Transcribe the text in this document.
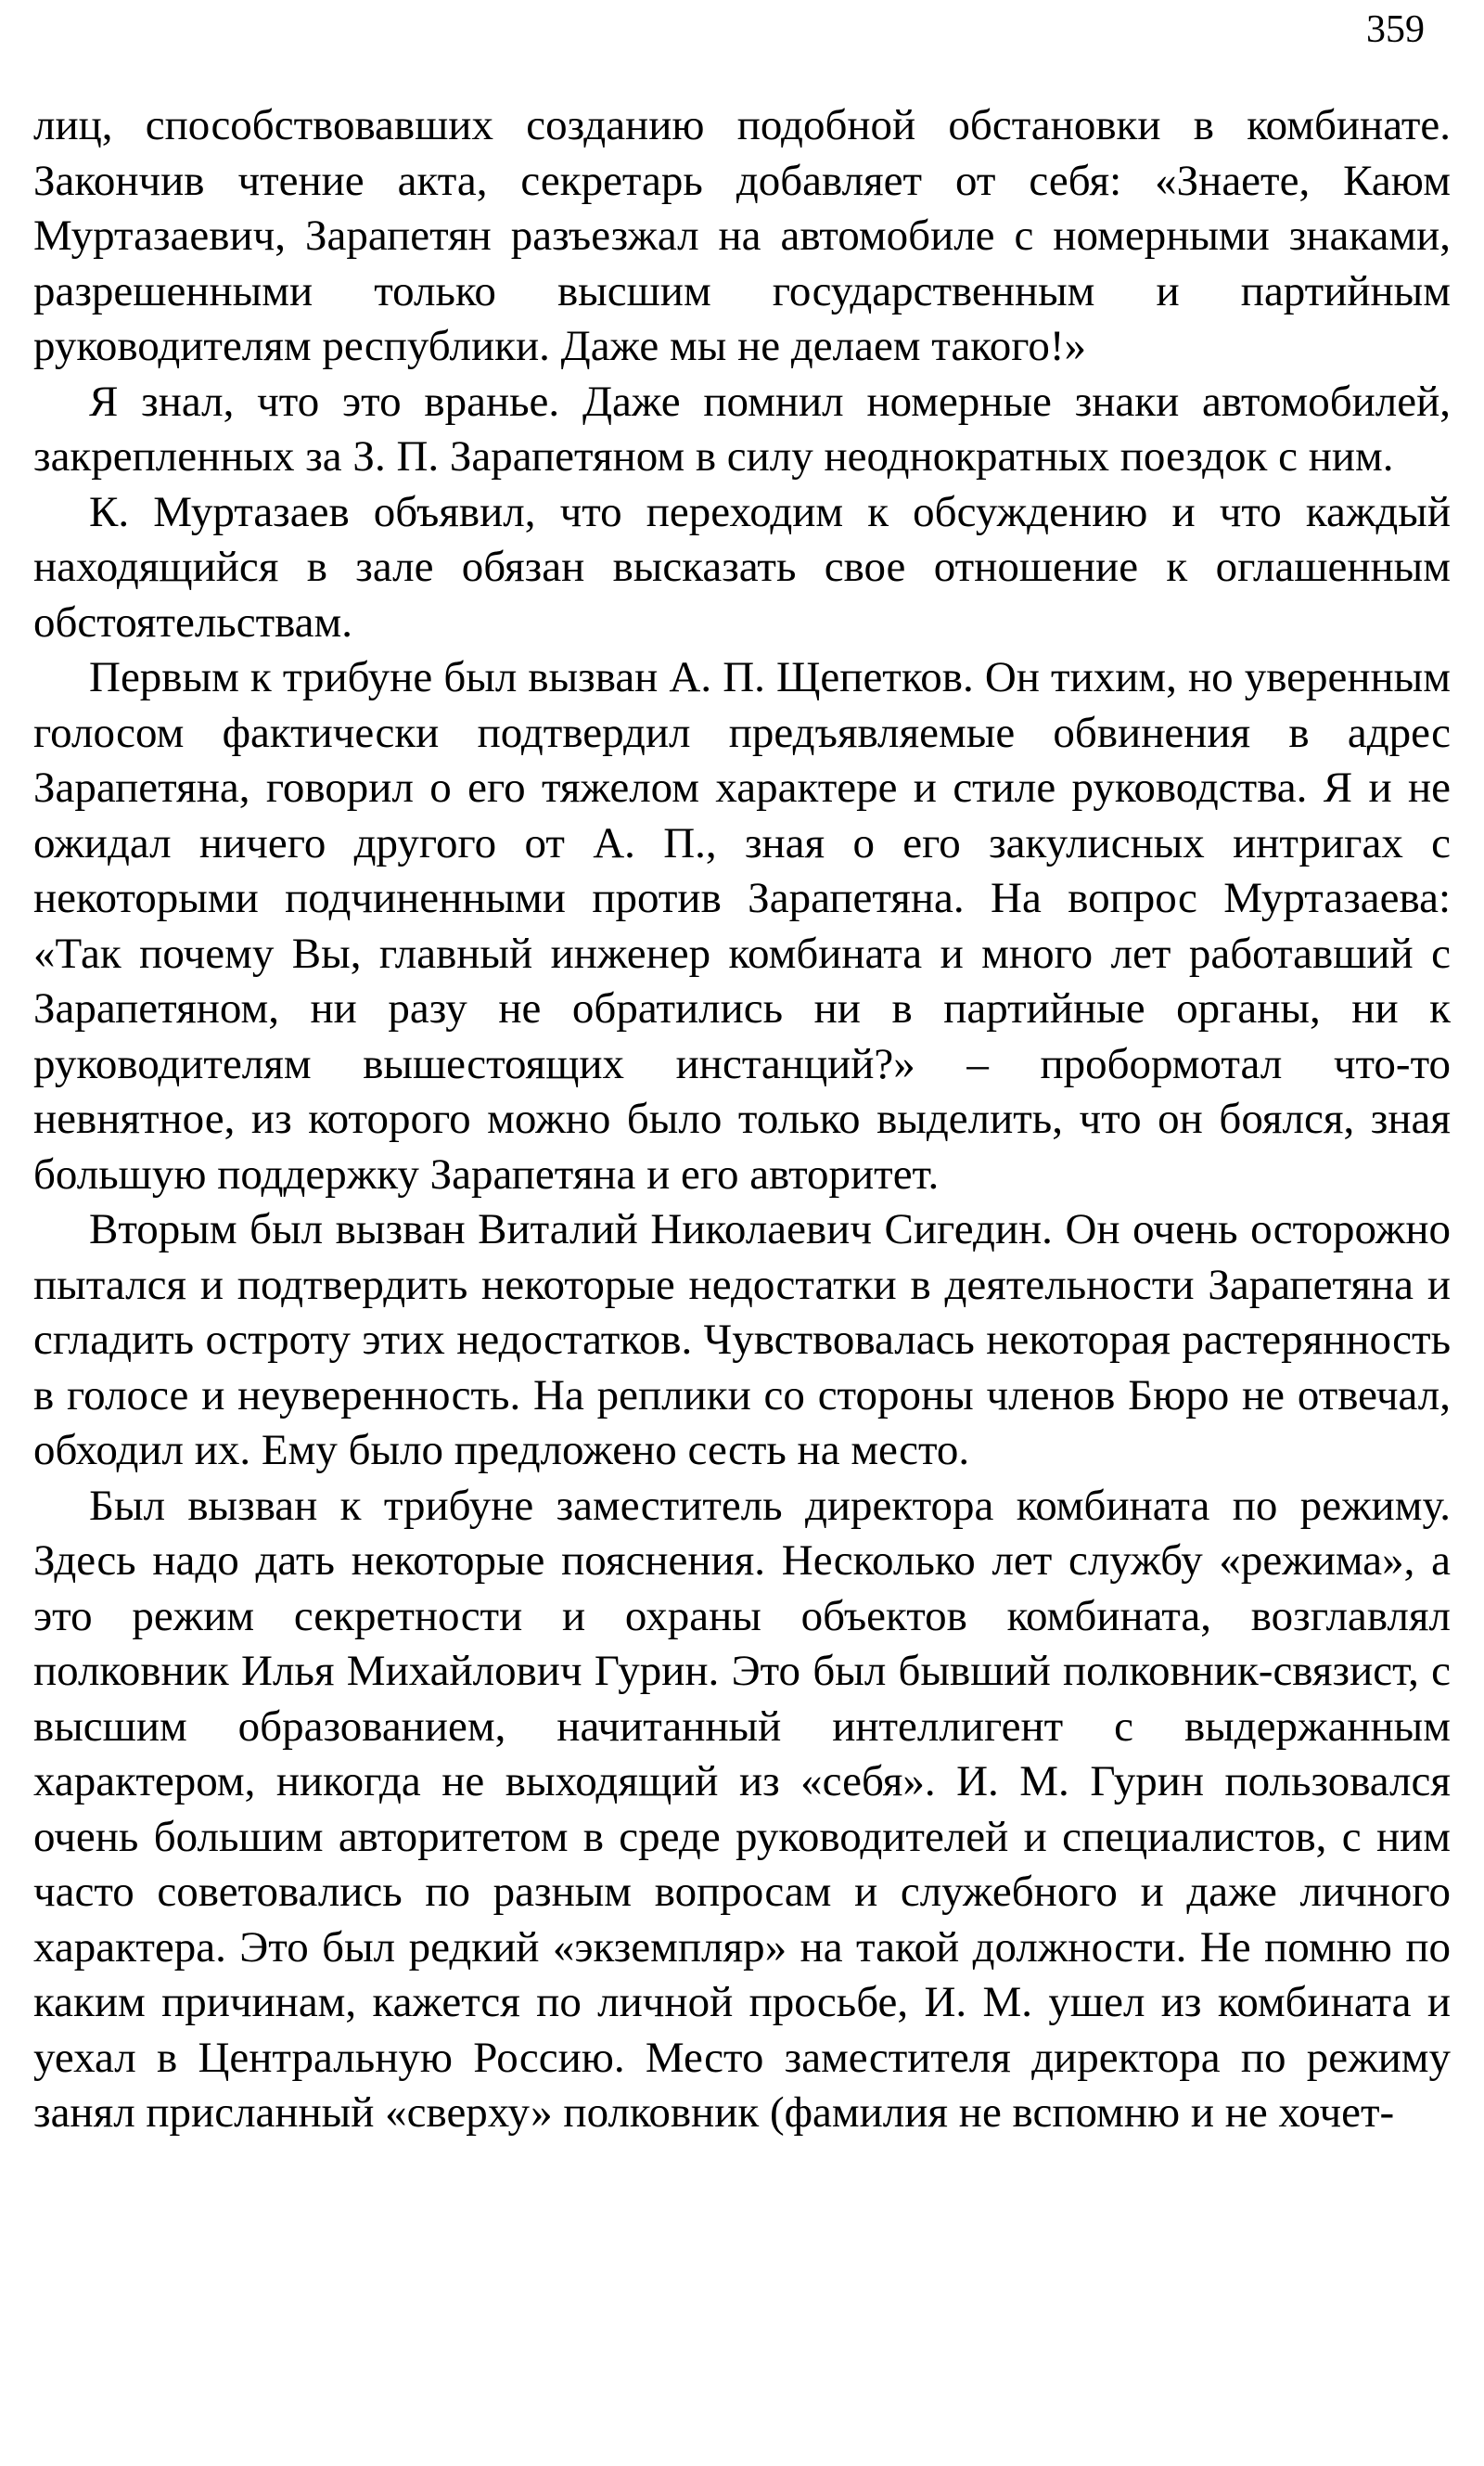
359

лиц, способствовавших созданию подобной обстановки в комбинате. Закончив чтение акта, секретарь добавляет от себя: «Знаете, Каюм Муртазаевич, Зарапетян разъезжал на автомобиле с номерными знаками, разрешенными только высшим государственным и партийным руководителям республики. Даже мы не делаем такого!»

Я знал, что это вранье. Даже помнил номерные знаки автомобилей, закрепленных за З. П. Зарапетяном в силу неоднократных поездок с ним.

К. Муртазаев объявил, что переходим к обсуждению и что каждый находящийся в зале обязан высказать свое отношение к оглашенным обстоятельствам.

Первым к трибуне был вызван А. П. Щепетков. Он тихим, но уверенным голосом фактически подтвердил предъявляемые обвинения в адрес Зарапетяна, говорил о его тяжелом характере и стиле руководства. Я и не ожидал ничего другого от А. П., зная о его закулисных интригах с некоторыми подчиненными против Зарапетяна. На вопрос Муртазаева: «Так почему Вы, главный инженер комбината и много лет работавший с Зарапетяном, ни разу не обратились ни в партийные органы, ни к руководителям вышестоящих инстанций?» – пробормотал что-то невнятное, из которого можно было только выделить, что он боялся, зная большую поддержку Зарапетяна и его авторитет.

Вторым был вызван Виталий Николаевич Сигедин. Он очень осторожно пытался и подтвердить некоторые недостатки в деятельности Зарапетяна и сгладить остроту этих недостатков. Чувствовалась некоторая растерянность в голосе и неуверенность. На реплики со стороны членов Бюро не отвечал, обходил их. Ему было предложено сесть на место.

Был вызван к трибуне заместитель директора комбината по режиму. Здесь надо дать некоторые пояснения. Несколько лет службу «режима», а это режим секретности и охраны объектов комбината, возглавлял полковник Илья Михайлович Гурин. Это был бывший полковник-связист, с высшим образованием, начитанный интеллигент с выдержанным характером, никогда не выходящий из «себя». И. М. Гурин пользовался очень большим авторитетом в среде руководителей и специалистов, с ним часто советовались по разным вопросам и служебного и даже личного характера. Это был редкий «экземпляр» на такой должности. Не помню по каким причинам, кажется по личной просьбе, И. М. ушел из комбината и уехал в Центральную Россию. Место заместителя директора по режиму занял присланный «сверху» полковник (фамилия не вспомню и не хочет-
